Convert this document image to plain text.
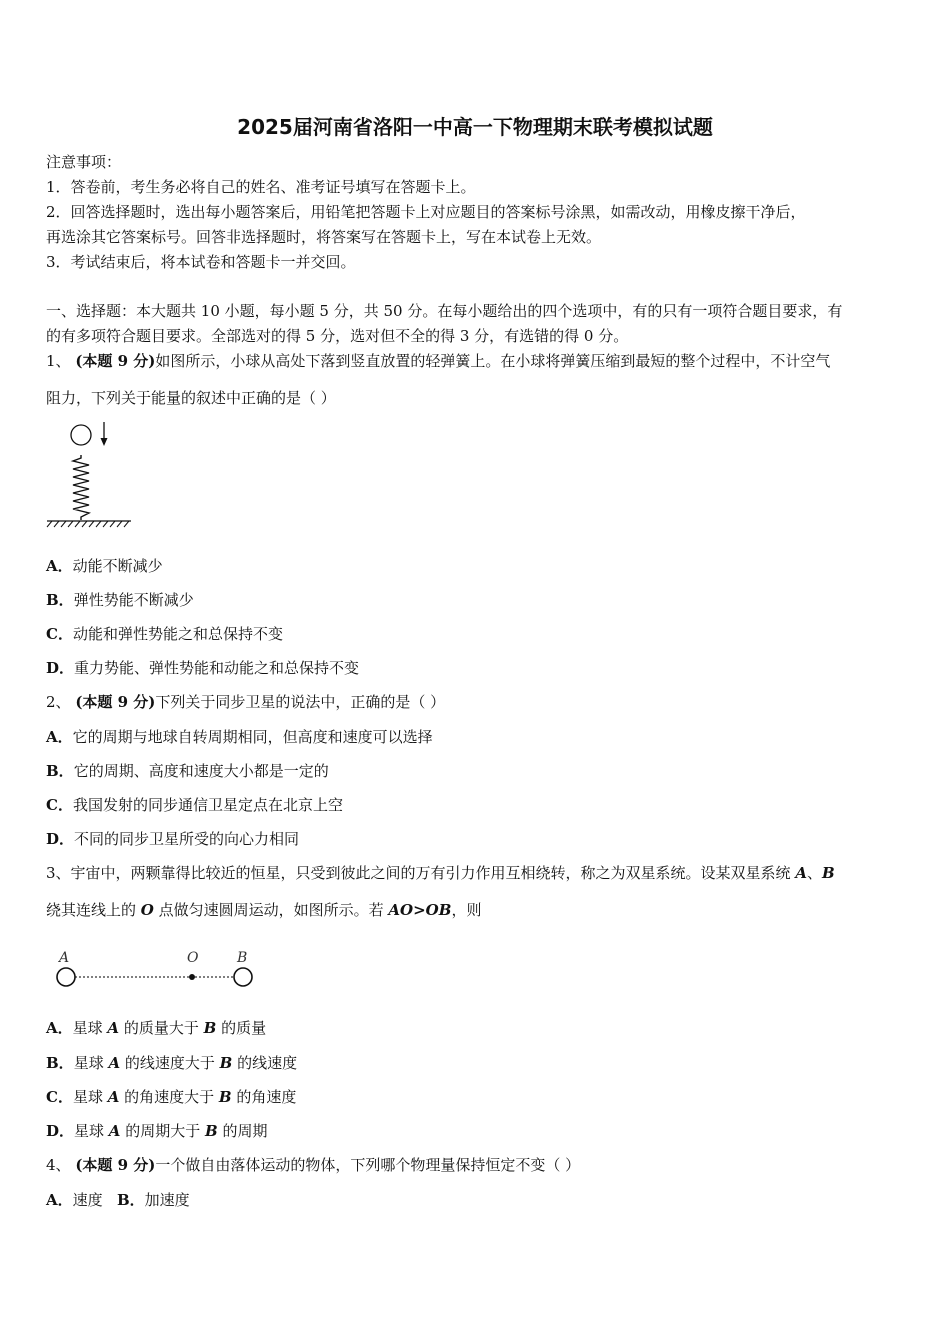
2025届河南省洛阳一中高一下物理期末联考模拟试题
注意事项：
1．答卷前，考生务必将自己的姓名、准考证号填写在答题卡上。
2．回答选择题时，选出每小题答案后，用铅笔把答题卡上对应题目的答案标号涂黑，如需改动，用橡皮擦干净后，
再选涂其它答案标号。回答非选择题时，将答案写在答题卡上，写在本试卷上无效。
3．考试结束后，将本试卷和答题卡一并交回。
一、选择题：本大题共 10 小题，每小题 5 分，共 50 分。在每小题给出的四个选项中，有的只有一项符合题目要求，有
的有多项符合题目要求。全部选对的得 5 分，选对但不全的得 3 分，有选错的得 0 分。
1、 (本题 9 分)如图所示，小球从高处下落到竖直放置的轻弹簧上。在小球将弹簧压缩到最短的整个过程中，不计空气
阻力，下列关于能量的叙述中正确的是（ ）
A．动能不断减少
B．弹性势能不断减少
C．动能和弹性势能之和总保持不变
D．重力势能、弹性势能和动能之和总保持不变
2、 (本题 9 分)下列关于同步卫星的说法中，正确的是（ ）
A．它的周期与地球自转周期相同，但高度和速度可以选择
B．它的周期、高度和速度大小都是一定的
C．我国发射的同步通信卫星定点在北京上空
D．不同的同步卫星所受的向心力相同
3、宇宙中，两颗靠得比较近的恒星，只受到彼此之间的万有引力作用互相绕转，称之为双星系统。设某双星系统 A、B
绕其连线上的 O 点做匀速圆周运动，如图所示。若 AO>OB，则
A	O	B
A．星球 A 的质量大于 B 的质量
B．星球 A 的线速度大于 B 的线速度
C．星球 A 的角速度大于 B 的角速度
D．星球 A 的周期大于 B 的周期
4、 (本题 9 分)一个做自由落体运动的物体，下列哪个物理量保持恒定不变（ ）
A．速度 B．加速度
